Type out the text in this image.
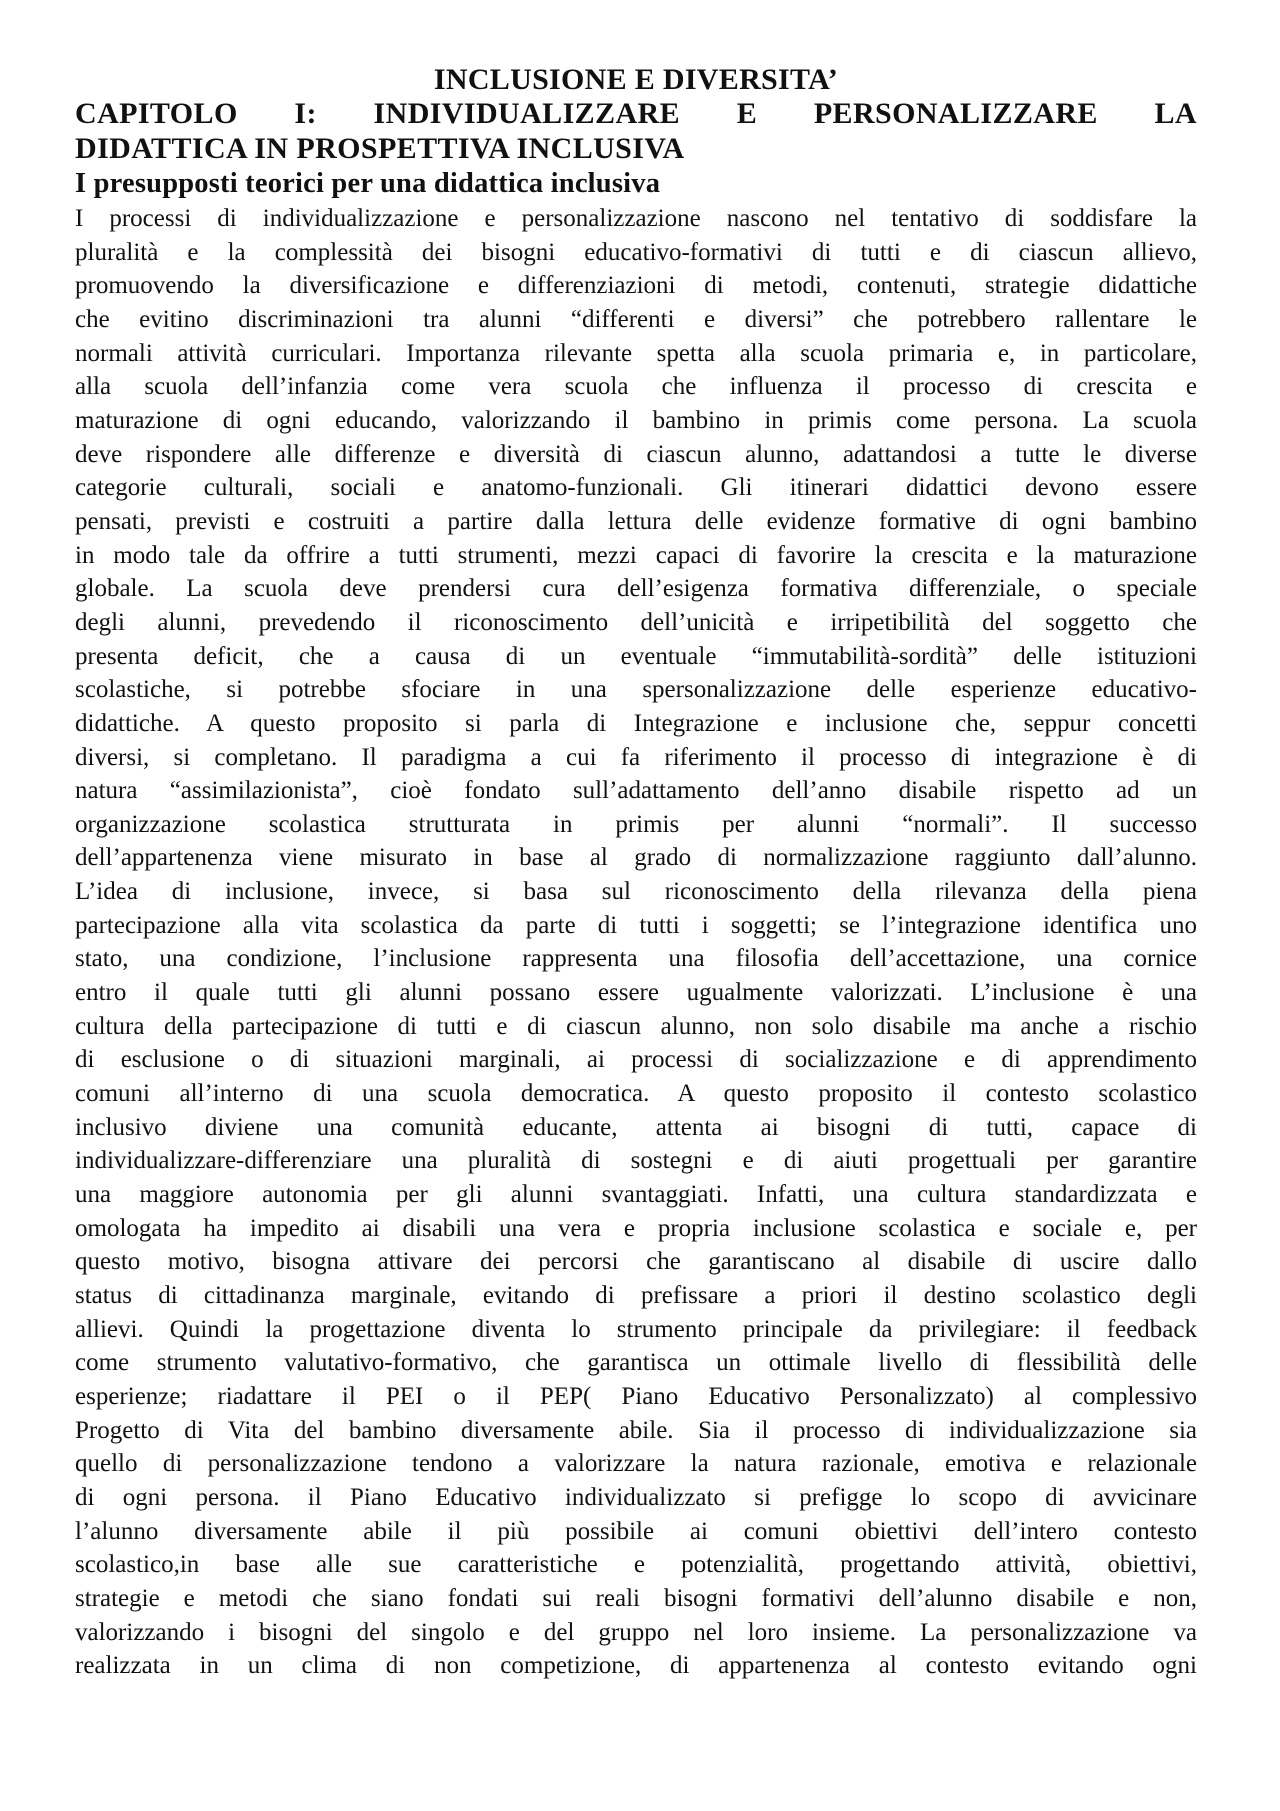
INCLUSIONE E DIVERSITA’
CAPITOLO I: INDIVIDUALIZZARE E PERSONALIZZARE LA
DIDATTICA IN PROSPETTIVA INCLUSIVA
I presupposti teorici per una didattica inclusiva
I processi di individualizzazione e personalizzazione nascono nel tentativo di soddisfare la
pluralità e la complessità dei bisogni educativo-formativi di tutti e di ciascun allievo,
promuovendo la diversificazione e differenziazioni di metodi, contenuti, strategie didattiche
che evitino discriminazioni tra alunni “differenti e diversi” che potrebbero rallentare le
normali attività curriculari. Importanza rilevante spetta alla scuola primaria e, in particolare,
alla scuola dell’infanzia come vera scuola che influenza il processo di crescita e
maturazione di ogni educando, valorizzando il bambino in primis come persona. La scuola
deve rispondere alle differenze e diversità di ciascun alunno, adattandosi a tutte le diverse
categorie culturali, sociali e anatomo-funzionali. Gli itinerari didattici devono essere
pensati, previsti e costruiti a partire dalla lettura delle evidenze formative di ogni bambino
in modo tale da offrire a tutti strumenti, mezzi capaci di favorire la crescita e la maturazione
globale. La scuola deve prendersi cura dell’esigenza formativa differenziale, o speciale
degli alunni, prevedendo il riconoscimento dell’unicità e irripetibilità del soggetto che
presenta deficit, che a causa di un eventuale “immutabilità-sordità” delle istituzioni
scolastiche, si potrebbe sfociare in una spersonalizzazione delle esperienze educativo-
didattiche. A questo proposito si parla di Integrazione e inclusione che, seppur concetti
diversi, si completano. Il paradigma a cui fa riferimento il processo di integrazione è di
natura “assimilazionista”, cioè fondato sull’adattamento dell’anno disabile rispetto ad un
organizzazione scolastica strutturata in primis per alunni “normali”. Il successo
dell’appartenenza viene misurato in base al grado di normalizzazione raggiunto dall’alunno.
L’idea di inclusione, invece, si basa sul riconoscimento della rilevanza della piena
partecipazione alla vita scolastica da parte di tutti i soggetti; se l’integrazione identifica uno
stato, una condizione, l’inclusione rappresenta una filosofia dell’accettazione, una cornice
entro il quale tutti gli alunni possano essere ugualmente valorizzati. L’inclusione è una
cultura della partecipazione di tutti e di ciascun alunno, non solo disabile ma anche a rischio
di esclusione o di situazioni marginali, ai processi di socializzazione e di apprendimento
comuni all’interno di una scuola democratica. A questo proposito il contesto scolastico
inclusivo diviene una comunità educante, attenta ai bisogni di tutti, capace di
individualizzare-differenziare una pluralità di sostegni e di aiuti progettuali per garantire
una maggiore autonomia per gli alunni svantaggiati. Infatti, una cultura standardizzata e
omologata ha impedito ai disabili una vera e propria inclusione scolastica e sociale e, per
questo motivo, bisogna attivare dei percorsi che garantiscano al disabile di uscire dallo
status di cittadinanza marginale, evitando di prefissare a priori il destino scolastico degli
allievi. Quindi la progettazione diventa lo strumento principale da privilegiare: il feedback
come strumento valutativo-formativo, che garantisca un ottimale livello di flessibilità delle
esperienze; riadattare il PEI o il PEP( Piano Educativo Personalizzato) al complessivo
Progetto di Vita del bambino diversamente abile. Sia il processo di individualizzazione sia
quello di personalizzazione tendono a valorizzare la natura razionale, emotiva e relazionale
di ogni persona. il Piano Educativo individualizzato si prefigge lo scopo di avvicinare
l’alunno diversamente abile il più possibile ai comuni obiettivi dell’intero contesto
scolastico,in base alle sue caratteristiche e potenzialità, progettando attività, obiettivi,
strategie e metodi che siano fondati sui reali bisogni formativi dell’alunno disabile e non,
valorizzando i bisogni del singolo e del gruppo nel loro insieme. La personalizzazione va
realizzata in un clima di non competizione, di appartenenza al contesto evitando ogni
